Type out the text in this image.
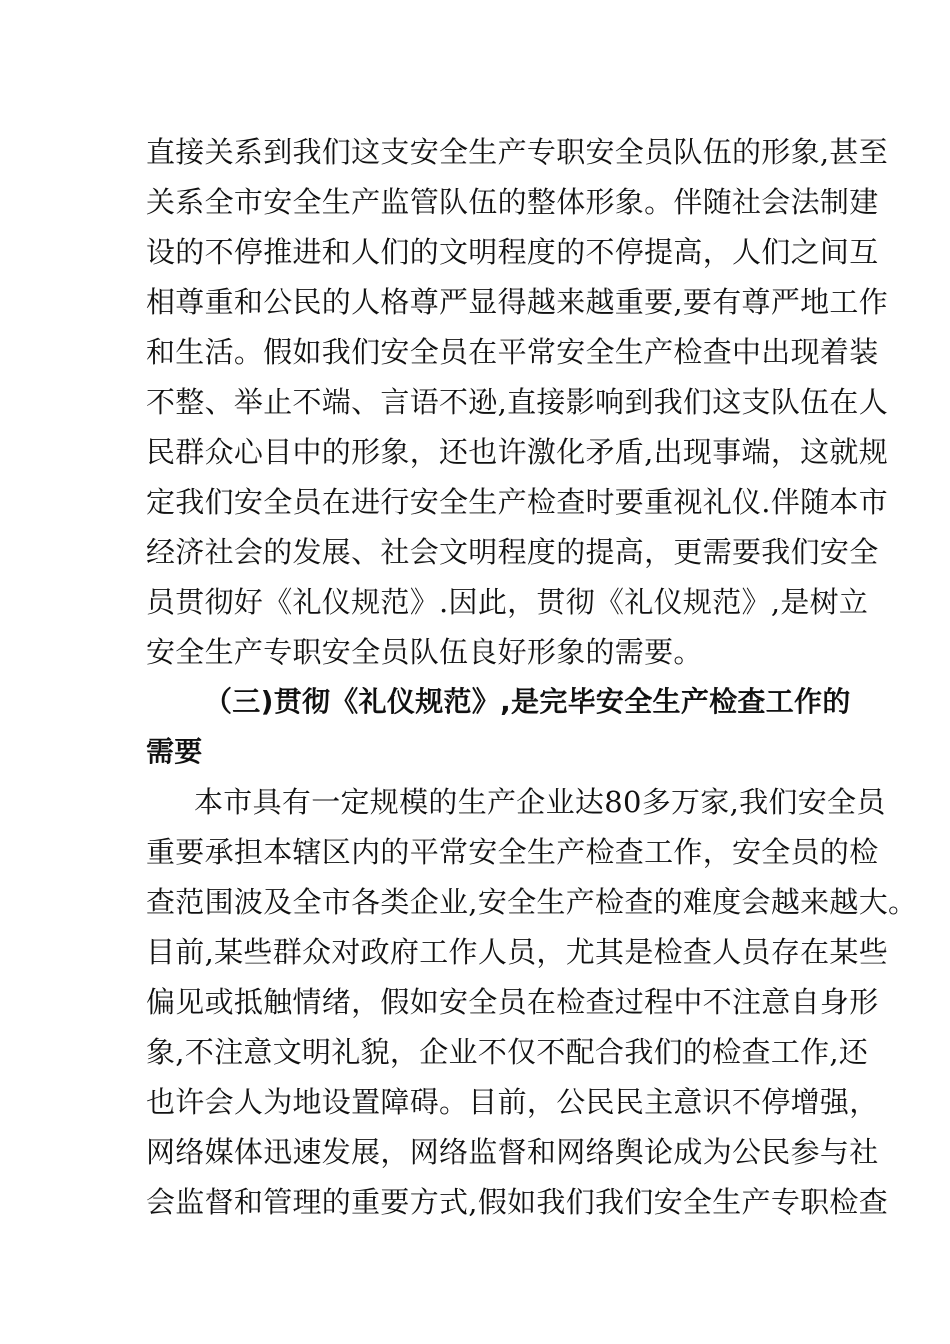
直接关系到我们这支安全生产专职安全员队伍的形象,甚至
关系全市安全生产监管队伍的整体形象。伴随社会法制建
设的不停推进和人们的文明程度的不停提高，人们之间互
相尊重和公民的人格尊严显得越来越重要,要有尊严地工作
和生活。假如我们安全员在平常安全生产检查中出现着装
不整、举止不端、言语不逊,直接影响到我们这支队伍在人
民群众心目中的形象，还也许激化矛盾,出现事端，这就规
定我们安全员在进行安全生产检查时要重视礼仪.伴随本市
经济社会的发展、社会文明程度的提高，更需要我们安全
员贯彻好《礼仪规范》.因此，贯彻《礼仪规范》,是树立
安全生产专职安全员队伍良好形象的需要。
（三)贯彻《礼仪规范》,是完毕安全生产检查工作的
需要
本市具有一定规模的生产企业达80多万家,我们安全员
重要承担本辖区内的平常安全生产检查工作，安全员的检
查范围波及全市各类企业,安全生产检查的难度会越来越大。
目前,某些群众对政府工作人员，尤其是检查人员存在某些
偏见或抵触情绪，假如安全员在检查过程中不注意自身形
象,不注意文明礼貌，企业不仅不配合我们的检查工作,还
也许会人为地设置障碍。目前，公民民主意识不停增强，
网络媒体迅速发展，网络监督和网络舆论成为公民参与社
会监督和管理的重要方式,假如我们我们安全生产专职检查
